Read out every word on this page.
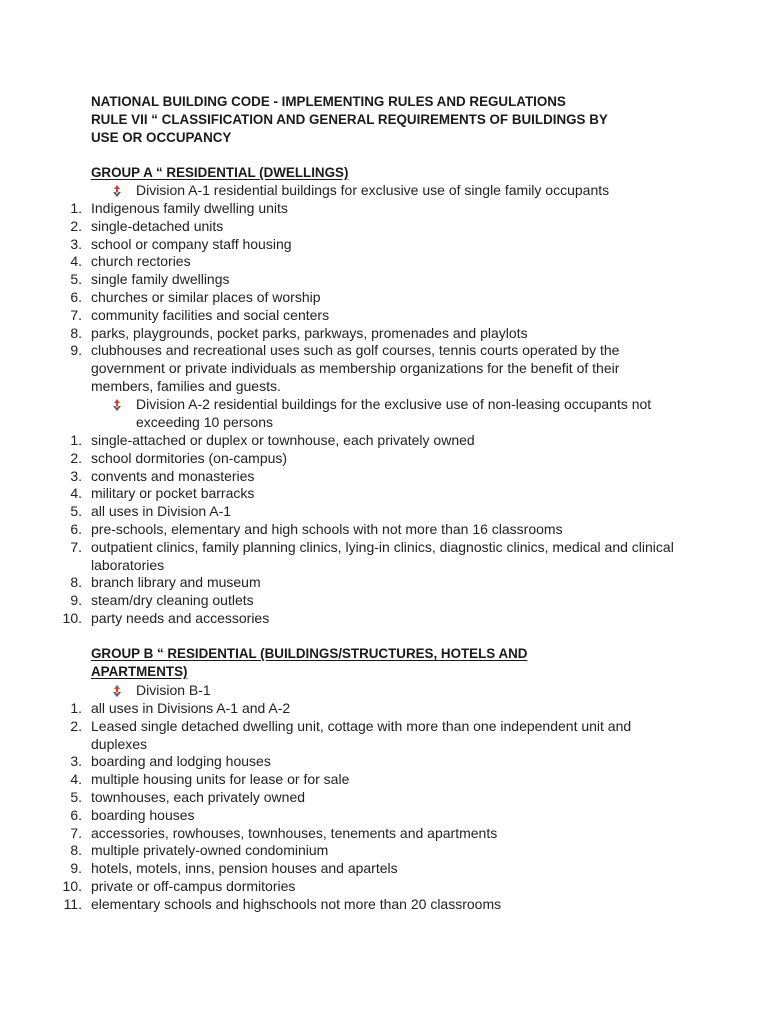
NATIONAL BUILDING CODE - IMPLEMENTING RULES AND REGULATIONS
RULE VII “ CLASSIFICATION AND GENERAL REQUIREMENTS OF BUILDINGS BY
USE OR OCCUPANCY
GROUP A “ RESIDENTIAL (DWELLINGS)
Division A-1 residential buildings for exclusive use of single family occupants
1. Indigenous family dwelling units
2. single-detached units
3. school or company staff housing
4. church rectories
5. single family dwellings
6. churches or similar places of worship
7. community facilities and social centers
8. parks, playgrounds, pocket parks, parkways, promenades and playlots
9. clubhouses and recreational uses such as golf courses, tennis courts operated by the government or private individuals as membership organizations for the benefit of their members, families and guests.
Division A-2 residential buildings for the exclusive use of non-leasing occupants not exceeding 10 persons
1. single-attached or duplex or townhouse, each privately owned
2. school dormitories (on-campus)
3. convents and monasteries
4. military or pocket barracks
5. all uses in Division A-1
6. pre-schools, elementary and high schools with not more than 16 classrooms
7. outpatient clinics, family planning clinics, lying-in clinics, diagnostic clinics, medical and clinical laboratories
8. branch library and museum
9. steam/dry cleaning outlets
10. party needs and accessories
GROUP B “ RESIDENTIAL (BUILDINGS/STRUCTURES, HOTELS AND
APARTMENTS)
Division B-1
1. all uses in Divisions A-1 and A-2
2. Leased single detached dwelling unit, cottage with more than one independent unit and duplexes
3. boarding and lodging houses
4. multiple housing units for lease or for sale
5. townhouses, each privately owned
6. boarding houses
7. accessories, rowhouses, townhouses, tenements and apartments
8. multiple privately-owned condominium
9. hotels, motels, inns, pension houses and apartels
10. private or off-campus dormitories
11. elementary schools and highschools not more than 20 classrooms
